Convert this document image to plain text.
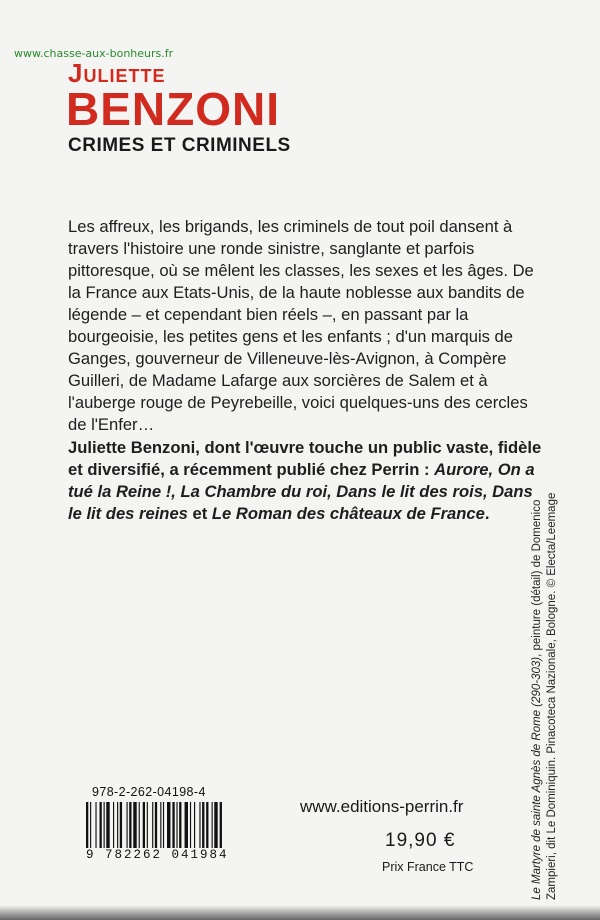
www.chasse-aux-bonheurs.fr
Juliette
BENZONI
CRIMES ET CRIMINELS
Les affreux, les brigands, les criminels de tout poil dansent à travers l'histoire une ronde sinistre, sanglante et parfois pittoresque, où se mêlent les classes, les sexes et les âges. De la France aux Etats-Unis, de la haute noblesse aux bandits de légende – et cependant bien réels –, en passant par la bourgeoisie, les petites gens et les enfants ; d'un marquis de Ganges, gouverneur de Villeneuve-lès-Avignon, à Compère Guilleri, de Madame Lafarge aux sorcières de Salem et à l'auberge rouge de Peyrebeille, voici quelques-uns des cercles de l'Enfer…
Juliette Benzoni, dont l'œuvre touche un public vaste, fidèle et diversifié, a récemment publié chez Perrin : Aurore, On a tué la Reine !, La Chambre du roi, Dans le lit des rois, Dans le lit des reines et Le Roman des châteaux de France.
Le Martyre de sainte Agnès de Rome (290-303), peinture (détail) de Domenico Zampieri, dit Le Dominiquin. Pinacoteca Nazionale, Bologne. © Electa/Leemage
978-2-262-04198-4
9 782262 041984
www.editions-perrin.fr
19,90 €
Prix France TTC
